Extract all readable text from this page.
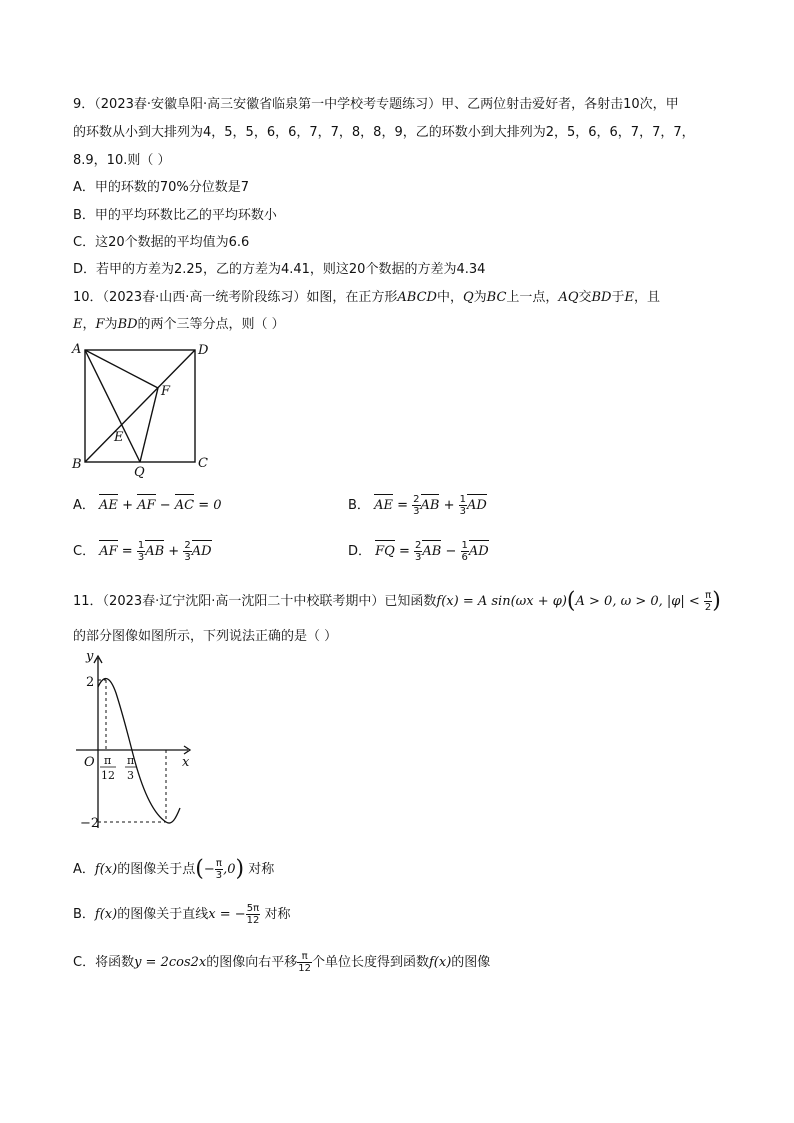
9．（2023春·安徽阜阳·高三安徽省临泉第一中学校考专题练习）甲、乙两位射击爱好者，各射击10次，甲
的环数从小到大排列为4，5，5，6，6，7，7，8，8，9，乙的环数小到大排列为2，5，6，6，7，7，7，
8.9，10.则（ ）
A．甲的环数的70%分位数是7
B．甲的平均环数比乙的平均环数小
C．这20个数据的平均值为6.6
D．若甲的方差为2.25，乙的方差为4.41，则这20个数据的方差为4.34
10．（2023春·山西·高一统考阶段练习）如图，在正方形ABCD中，Q为BC上一点，AQ交BD于E，且
E，F为BD的两个三等分点，则（ ）
A	D
B	C
E
F
Q
A． AE + AF − AC = 0	B． AE = $\frac{2}{3}$ AB + $\frac{1}{3}$ AD
C． AF = $\frac{1}{3}$ AB + $\frac{2}{3}$ AD	D． FQ = $\frac{2}{3}$ AB − $\frac{1}{6}$ AD
11．（2023春·辽宁沈阳·高一沈阳二十中校联考期中）已知函数f(x) = A sin(ωx + φ)(A > 0, ω > 0, $|\varphi| < \frac{\pi}{2}$ )
的部分图像如图所示，下列说法正确的是（ ）
y
x
O
2
−2
π
12
π
3
A．f(x)的图像关于点(− $\frac{\pi}{3} ,0$) 对称
B．f(x)的图像关于直线x = − $\frac{5\pi}{12}$ 对称
C．将函数y = 2cos2x的图像向右平移 $\frac{\pi}{12}$ 个单位长度得到函数f(x)的图像
